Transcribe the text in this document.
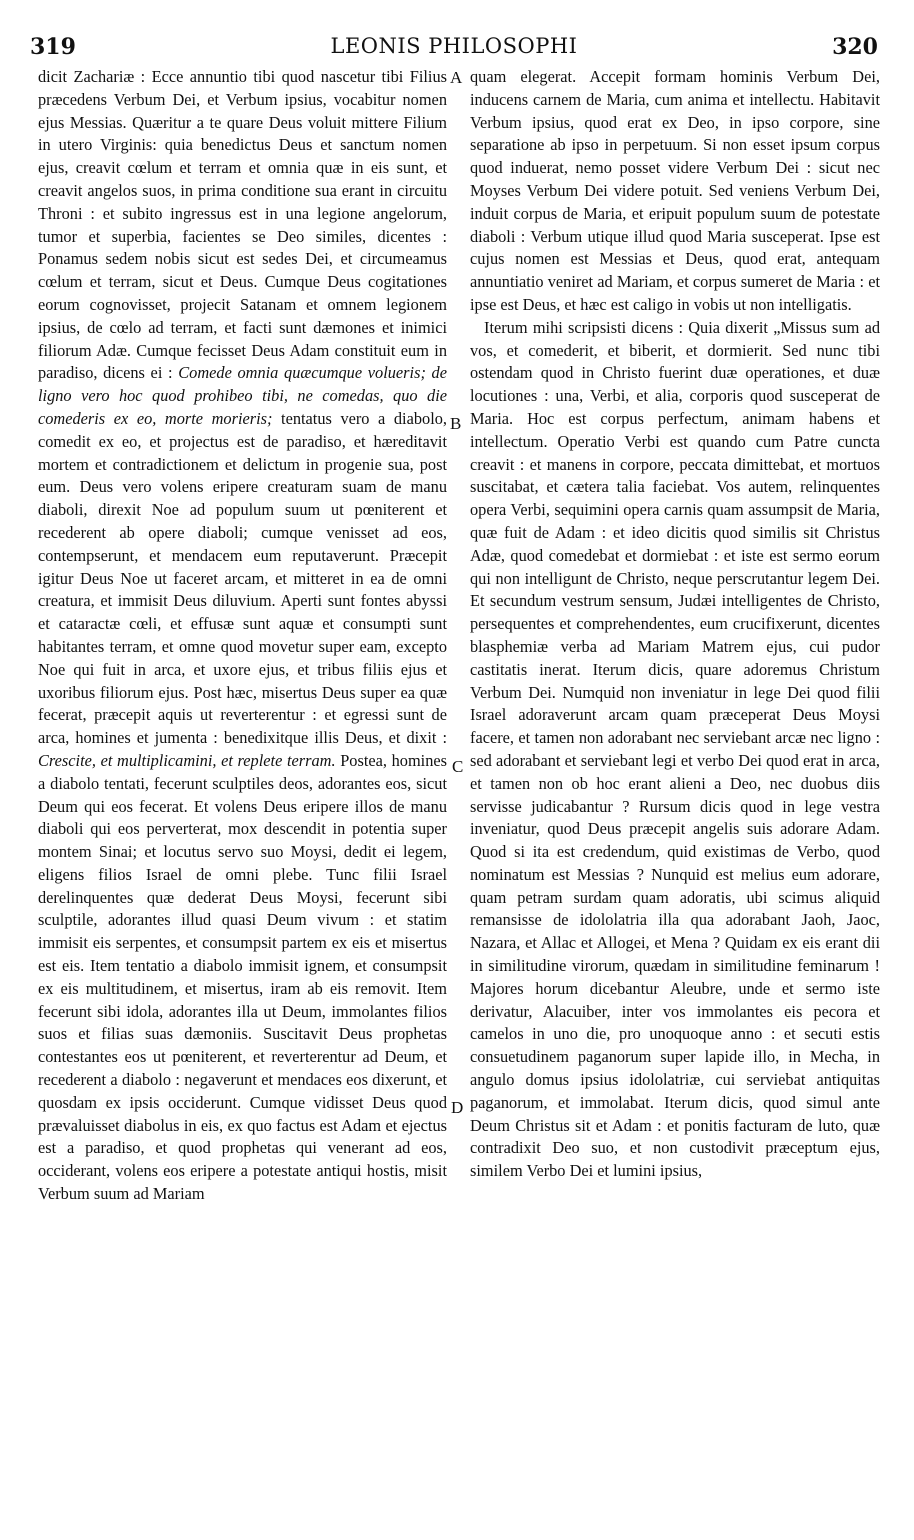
319	LEONIS PHILOSOPHI	320

dicit Zachariæ : Ecce annuntio tibi quod nascetur tibi Filius præcedens Verbum Dei, et Verbum ipsius, vocabitur nomen ejus Messias. Quæritur a te quare Deus voluit mittere Filium in utero Virginis: quia benedictus Deus et sanctum nomen ejus, creavit cœlum et terram et omnia quæ in eis sunt, et creavit angelos suos, in prima conditione sua erant in circuitu Throni : et subito ingressus est in una legione angelorum, tumor et superbia, facientes se Deo similes, dicentes : Ponamus sedem nobis sicut est sedes Dei, et circumeamus cœlum et terram, sicut et Deus. Cumque Deus cogitationes eorum cognovisset, projecit Satanam et omnem legionem ipsius, de cœlo ad terram, et facti sunt dæmones et inimici filiorum Adæ. Cumque fecisset Deus Adam constituit eum in paradiso, dicens ei : Comede omnia quæcumque volueris; de ligno vero hoc quod prohibeo tibi, ne comedas, quo die comederis ex eo, morte morieris; tentatus vero a diabolo, comedit ex eo, et projectus est de paradiso, et hæreditavit mortem et contradictionem et delictum in progenie sua, post eum. Deus vero volens eripere creaturam suam de manu diaboli, direxit Noe ad populum suum ut pœniterent et recederent ab opere diaboli; cumque venisset ad eos, contempserunt, et mendacem eum reputaverunt. Præcepit igitur Deus Noe ut faceret arcam, et mitteret in ea de omni creatura, et immisit Deus diluvium. Aperti sunt fontes abyssi et cataractæ cœli, et effusæ sunt aquæ et consumpti sunt habitantes terram, et omne quod movetur super eam, excepto Noe qui fuit in arca, et uxore ejus, et tribus filiis ejus et uxoribus filiorum ejus. Post hæc, misertus Deus super ea quæ fecerat, præcepit aquis ut reverterentur : et egressi sunt de arca, homines et jumenta : benedixitque illis Deus, et dixit : Crescite, et multiplicamini, et replete terram. Postea, homines a diabolo tentati, fecerunt sculptiles deos, adorantes eos, sicut Deum qui eos fecerat. Et volens Deus eripere illos de manu diaboli qui eos perverterat, mox descendit in potentia super montem Sinai; et locutus servo suo Moysi, dedit ei legem, eligens filios Israel de omni plebe. Tunc filii Israel derelinquentes quæ dederat Deus Moysi, fecerunt sibi sculptile, adorantes illud quasi Deum vivum : et statim immisit eis serpentes, et consumpsit partem ex eis et misertus est eis. Item tentatio a diabolo immisit ignem, et consumpsit ex eis multitudinem, et misertus, iram ab eis removit. Item fecerunt sibi idola, adorantes illa ut Deum, immolantes filios suos et filias suas dæmoniis. Suscitavit Deus prophetas contestantes eos ut pœniterent, et reverterentur ad Deum, et recederent a diabolo : negaverunt et mendaces eos dixerunt, et quosdam ex ipsis occiderunt. Cumque vidisset Deus quod prævaluisset diabolus in eis, ex quo factus est Adam et ejectus est a paradiso, et quod prophetas qui venerant ad eos, occiderant, volens eos eripere a potestate antiqui hostis, misit Verbum suum ad Mariam

A
B
C
D

quam elegerat. Accepit formam hominis Verbum Dei, inducens carnem de Maria, cum anima et intellectu. Habitavit Verbum ipsius, quod erat ex Deo, in ipso corpore, sine separatione ab ipso in perpetuum. Si non esset ipsum corpus quod induerat, nemo posset videre Verbum Dei : sicut nec Moyses Verbum Dei videre potuit. Sed veniens Verbum Dei, induit corpus de Maria, et eripuit populum suum de potestate diaboli : Verbum utique illud quod Maria susceperat. Ipse est cujus nomen est Messias et Deus, quod erat, antequam annuntiatio veniret ad Mariam, et corpus sumeret de Maria : et ipse est Deus, et hæc est caligo in vobis ut non intelligatis.

Iterum mihi scripsisti dicens : Quia dixerit „Missus sum ad vos, et comederit, et biberit, et dormierit. Sed nunc tibi ostendam quod in Christo fuerint duæ operationes, et duæ locutiones : una, Verbi, et alia, corporis quod susceperat de Maria. Hoc est corpus perfectum, animam habens et intellectum. Operatio Verbi est quando cum Patre cuncta creavit : et manens in corpore, peccata dimittebat, et mortuos suscitabat, et cætera talia faciebat. Vos autem, relinquentes opera Verbi, sequimini opera carnis quam assumpsit de Maria, quæ fuit de Adam : et ideo dicitis quod similis sit Christus Adæ, quod comedebat et dormiebat : et iste est sermo eorum qui non intelligunt de Christo, neque perscrutantur legem Dei. Et secundum vestrum sensum, Judæi intelligentes de Christo, persequentes et comprehendentes, eum crucifixerunt, dicentes blasphemiæ verba ad Mariam Matrem ejus, cui pudor castitatis inerat. Iterum dicis, quare adoremus Christum Verbum Dei. Numquid non inveniatur in lege Dei quod filii Israel adoraverunt arcam quam præceperat Deus Moysi facere, et tamen non adorabant nec serviebant arcæ nec ligno : sed adorabant et serviebant legi et verbo Dei quod erat in arca, et tamen non ob hoc erant alieni a Deo, nec duobus diis servisse judicabantur ? Rursum dicis quod in lege vestra inveniatur, quod Deus præcepit angelis suis adorare Adam. Quod si ita est credendum, quid existimas de Verbo, quod nominatum est Messias ? Nunquid est melius eum adorare, quam petram surdam quam adoratis, ubi scimus aliquid remansisse de idololatria illa qua adorabant Jaoh, Jaoc, Nazara, et Allac et Allogei, et Mena ? Quidam ex eis erant dii in similitudine virorum, quædam in similitudine feminarum ! Majores horum dicebantur Aleubre, unde et sermo iste derivatur, Alacuiber, inter vos immolantes eis pecora et camelos in uno die, pro unoquoque anno : et secuti estis consuetudinem paganorum super lapide illo, in Mecha, in angulo domus ipsius idololatriæ, cui serviebat antiquitas paganorum, et immolabat. Iterum dicis, quod simul ante Deum Christus sit et Adam : et ponitis facturam de luto, quæ contradixit Deo suo, et non custodivit præceptum ejus, similem Verbo Dei et lumini ipsius,
